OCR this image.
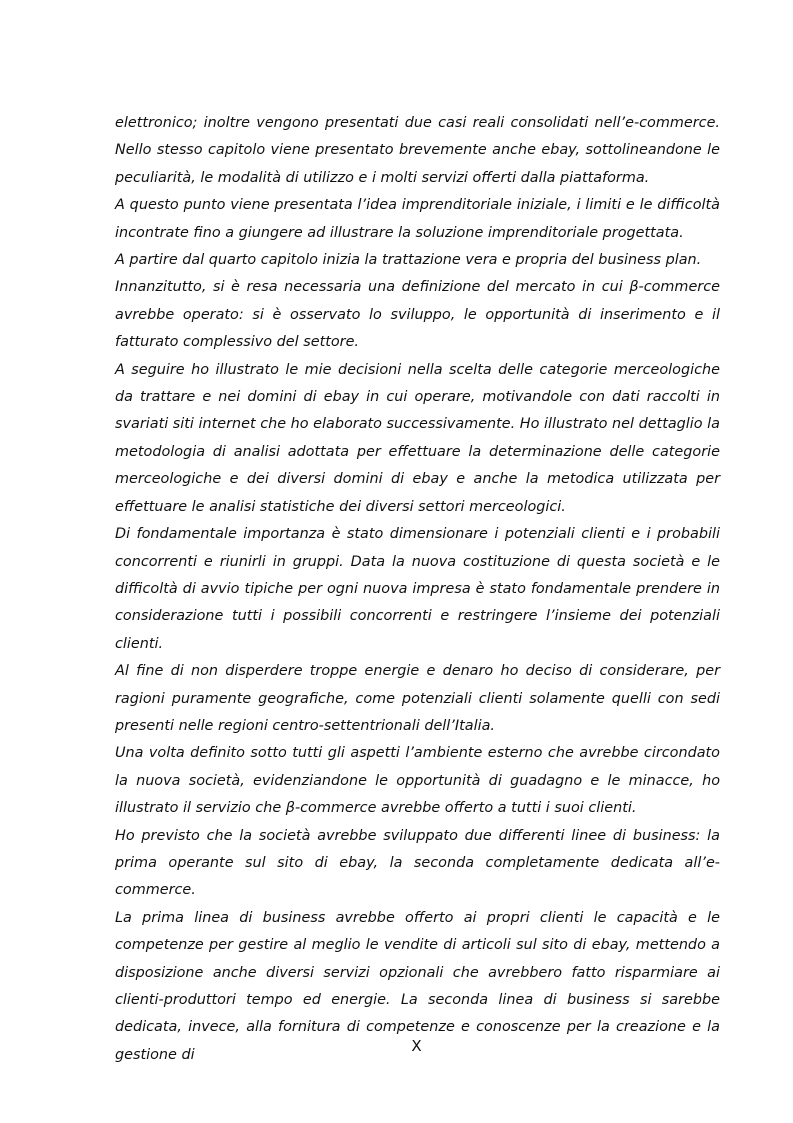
elettronico; inoltre vengono presentati due casi reali consolidati nell’e-commerce. Nello stesso capitolo viene presentato brevemente anche ebay, sottolineandone le peculiarità, le modalità di utilizzo e i molti servizi offerti dalla piattaforma.

A questo punto viene presentata l’idea imprenditoriale iniziale, i limiti e le difficoltà incontrate fino a giungere ad illustrare la soluzione imprenditoriale progettata.

A partire dal quarto capitolo inizia la trattazione vera e propria del business plan.

Innanzitutto, si è resa necessaria una definizione del mercato in cui β-commerce avrebbe operato: si è osservato lo sviluppo, le opportunità di inserimento e il fatturato complessivo del settore.

A seguire ho illustrato le mie decisioni nella scelta delle categorie merceologiche da trattare e nei domini di ebay in cui operare, motivandole con dati raccolti in svariati siti internet che ho elaborato successivamente. Ho illustrato nel dettaglio la metodologia di analisi adottata per effettuare la determinazione delle categorie merceologiche e dei diversi domini di ebay e anche la metodica utilizzata per effettuare le analisi statistiche dei diversi settori merceologici.

Di fondamentale importanza è stato dimensionare i potenziali clienti e i probabili concorrenti e riunirli in gruppi. Data la nuova costituzione di questa società e le difficoltà di avvio tipiche per ogni nuova impresa è stato fondamentale prendere in considerazione tutti i possibili concorrenti e restringere l’insieme dei potenziali clienti.

Al fine di non disperdere troppe energie e denaro ho deciso di considerare, per ragioni puramente geografiche, come potenziali clienti solamente quelli con sedi presenti nelle regioni centro-settentrionali dell’Italia.

Una volta definito sotto tutti gli aspetti l’ambiente esterno che avrebbe circondato la nuova società, evidenziandone le opportunità di guadagno e le minacce, ho illustrato il servizio che β-commerce avrebbe offerto a tutti i suoi clienti.

Ho previsto che la società avrebbe sviluppato due differenti linee di business: la prima operante sul sito di ebay, la seconda completamente dedicata all’e-commerce.

La prima linea di business avrebbe offerto ai propri clienti le capacità e le competenze per gestire al meglio le vendite di articoli sul sito di ebay, mettendo a disposizione anche diversi servizi opzionali che avrebbero fatto risparmiare ai clienti-produttori tempo ed energie. La seconda linea di business si sarebbe dedicata, invece, alla fornitura di competenze e conoscenze per la creazione e la gestione di	X
